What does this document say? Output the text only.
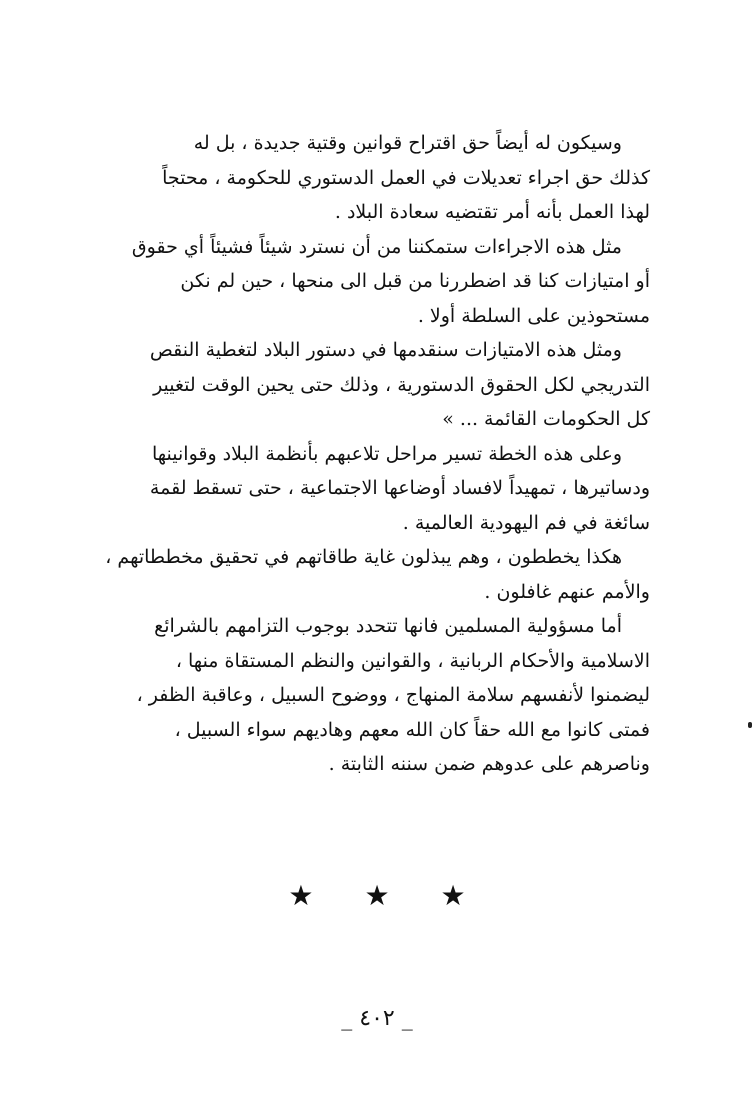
وسيكون له أيضاً حق اقتراح قوانين وقتية جديدة ، بل له
كذلك حق اجراء تعديلات في العمل الدستوري للحكومة ، محتجاً
لهذا العمل بأنه أمر تقتضيه سعادة البلاد .
مثل هذه الاجراءات ستمكننا من أن نسترد شيئاً فشيئاً أي حقوق
أو امتيازات كنا قد اضطررنا من قبل الى منحها ، حين لم نكن
مستحوذين على السلطة أولا .
ومثل هذه الامتيازات سنقدمها في دستور البلاد لتغطية النقص
التدريجي لكل الحقوق الدستورية ، وذلك حتى يحين الوقت لتغيير
كل الحكومات القائمة ... »
وعلى هذه الخطة تسير مراحل تلاعبهم بأنظمة البلاد وقوانينها
ودساتيرها ، تمهيداً لافساد أوضاعها الاجتماعية ، حتى تسقط لقمة
سائغة في فم اليهودية العالمية .
هكذا يخططون ، وهم يبذلون غاية طاقاتهم في تحقيق مخططاتهم ،
والأمم عنهم غافلون .
أما مسؤولية المسلمين فانها تتحدد بوجوب التزامهم بالشرائع
الاسلامية والأحكام الربانية ، والقوانين والنظم المستقاة منها ،
ليضمنوا لأنفسهم سلامة المنهاج ، ووضوح السبيل ، وعاقبة الظفر ،
فمتى كانوا مع الله حقاً كان الله معهم وهاديهم سواء السبيل ،
وناصرهم على عدوهم ضمن سننه الثابتة .
★ ★ ★
_ ٤٠٢ _
